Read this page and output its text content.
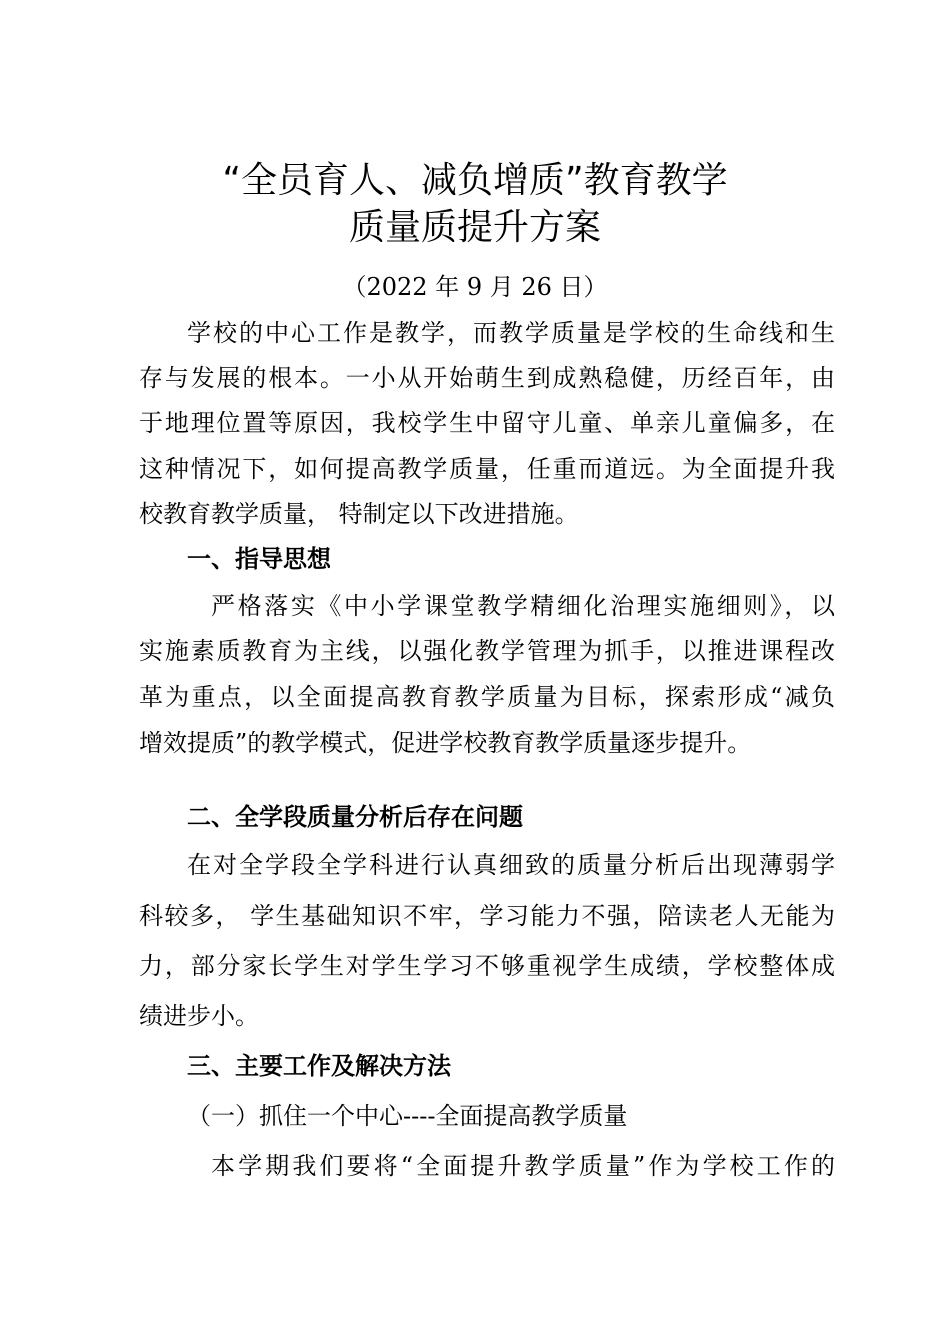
“全员育人、减负增质”教育教学
质量质提升方案
（2022 年 9 月 26 日）
学校的中心工作是教学，而教学质量是学校的生命线和生
存与发展的根本。一小从开始萌生到成熟稳健，历经百年，由
于地理位置等原因，我校学生中留守儿童、单亲儿童偏多，在
这种情况下，如何提高教学质量，任重而道远。为全面提升我
校教育教学质量， 特制定以下改进措施。
一、指导思想
严格落实《中小学课堂教学精细化治理实施细则》，以
实施素质教育为主线，以强化教学管理为抓手，以推进课程改
革为重点，以全面提高教育教学质量为目标，探索形成“减负
增效提质”的教学模式，促进学校教育教学质量逐步提升。
二、全学段质量分析后存在问题
在对全学段全学科进行认真细致的质量分析后出现薄弱学
科较多， 学生基础知识不牢，学习能力不强，陪读老人无能为
力，部分家长学生对学生学习不够重视学生成绩，学校整体成
绩进步小。
三、主要工作及解决方法
（一）抓住一个中心----全面提高教学质量
本学期我们要将“全面提升教学质量”作为学校工作的
